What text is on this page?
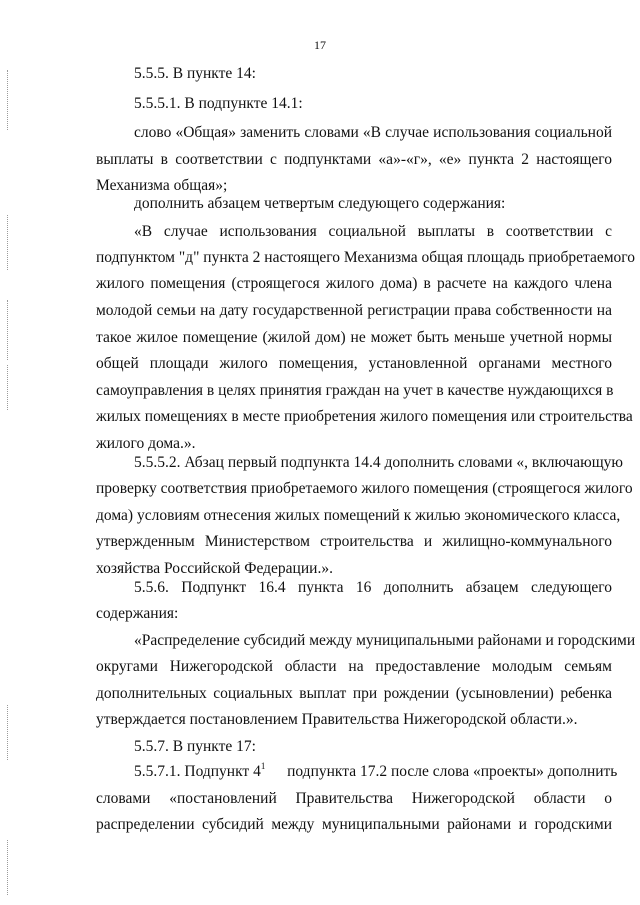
17
5.5.5. В пункте 14:
5.5.5.1. В подпункте 14.1:
слово «Общая» заменить словами «В случае использования социальной
выплаты в соответствии с подпунктами «а»-«г», «е» пункта 2 настоящего
Механизма общая»;
дополнить абзацем четвертым следующего содержания:
«В случае использования социальной выплаты в соответствии с
подпунктом "д" пункта 2 настоящего Механизма общая площадь приобретаемого
жилого помещения (строящегося жилого дома) в расчете на каждого члена
молодой семьи на дату государственной регистрации права собственности на
такое жилое помещение (жилой дом) не может быть меньше учетной нормы
общей площади жилого помещения, установленной органами местного
самоуправления в целях принятия граждан на учет в качестве нуждающихся в
жилых помещениях в месте приобретения жилого помещения или строительства
жилого дома.».
5.5.5.2. Абзац первый подпункта 14.4 дополнить словами «, включающую
проверку соответствия приобретаемого жилого помещения (строящегося жилого
дома) условиям отнесения жилых помещений к жилью экономического класса,
утвержденным Министерством строительства и жилищно-коммунального
хозяйства Российской Федерации.».
5.5.6. Подпункт 16.4 пункта 16 дополнить абзацем следующего
содержания:
«Распределение субсидий между муниципальными районами и городскими
округами Нижегородской области на предоставление молодым семьям
дополнительных социальных выплат при рождении (усыновлении) ребенка
утверждается постановлением Правительства Нижегородской области.».
5.5.7. В пункте 17:
5.5.7.1. Подпункт $4^1$ подпункта 17.2 после слова «проекты» дополнить
словами «постановлений Правительства Нижегородской области о
распределении субсидий между муниципальными районами и городскими
